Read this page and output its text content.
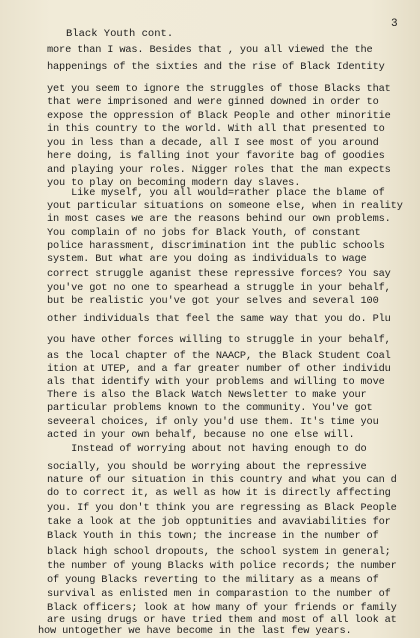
3
Black Youth cont.
more than I was. Besides that , you all viewed the the
happenings of the sixties and the rise of Black Identity
yet you seem to ignore the struggles of those Blacks that
that were imprisoned and were ginned downed in order to
expose the oppression of Black People and other minoritie
in this country to the world. With all that presented to
you in less than a decade, all I see most of you around
here doing, is falling inot your favorite bag of goodies
and playing your roles. Nigger roles that the man expects
you to play on becoming modern day slaves.
Like myself, you all would=rather place the blame of
yout particular situations on someone else, when in reality
in most cases we are the reasons behind our own problems.
You complain of no jobs for Black Youth, of constant
police harassment, discrimination int the public schools
system. But what are you doing as individuals to wage
correct struggle aganist these repressive forces? You say
you've got no one to spearhead a struggle in your behalf,
but be realistic you've got your selves and several 100
other individuals that feel the same way that you do. Plu
you have other forces willing to struggle in your behalf,
as the local chapter of the NAACP, the Black Student Coal
ition at UTEP, and a far greater number of other individu
als that identify with your problems and willing to move
There is also the Black Watch Newsletter to make your
particular problems known to the community. You've got
seveeral choices, if only you'd use them. It's time you
acted in your own behalf, because no one else will.
Instead of worrying about not having enough to do
socially, you should be worrying about the repressive
nature of our situation in this country and what you can d
do to correct it, as well as how it is directly affecting
you. If you don't think you are regressing as Black People
take a look at the job opptunities and avaviabilities for
Black Youth in this town; the increase in the number of
black high school dropouts, the school system in general;
the number of young Blacks with police records; the number
of young Blacks reverting to the military as a means of
survival as enlisted men in comparastion to the number of
Black officers; look at how many of your friends or family
are using drugs or have tried them and most of all look at
how untogether we have become in the last few years.
